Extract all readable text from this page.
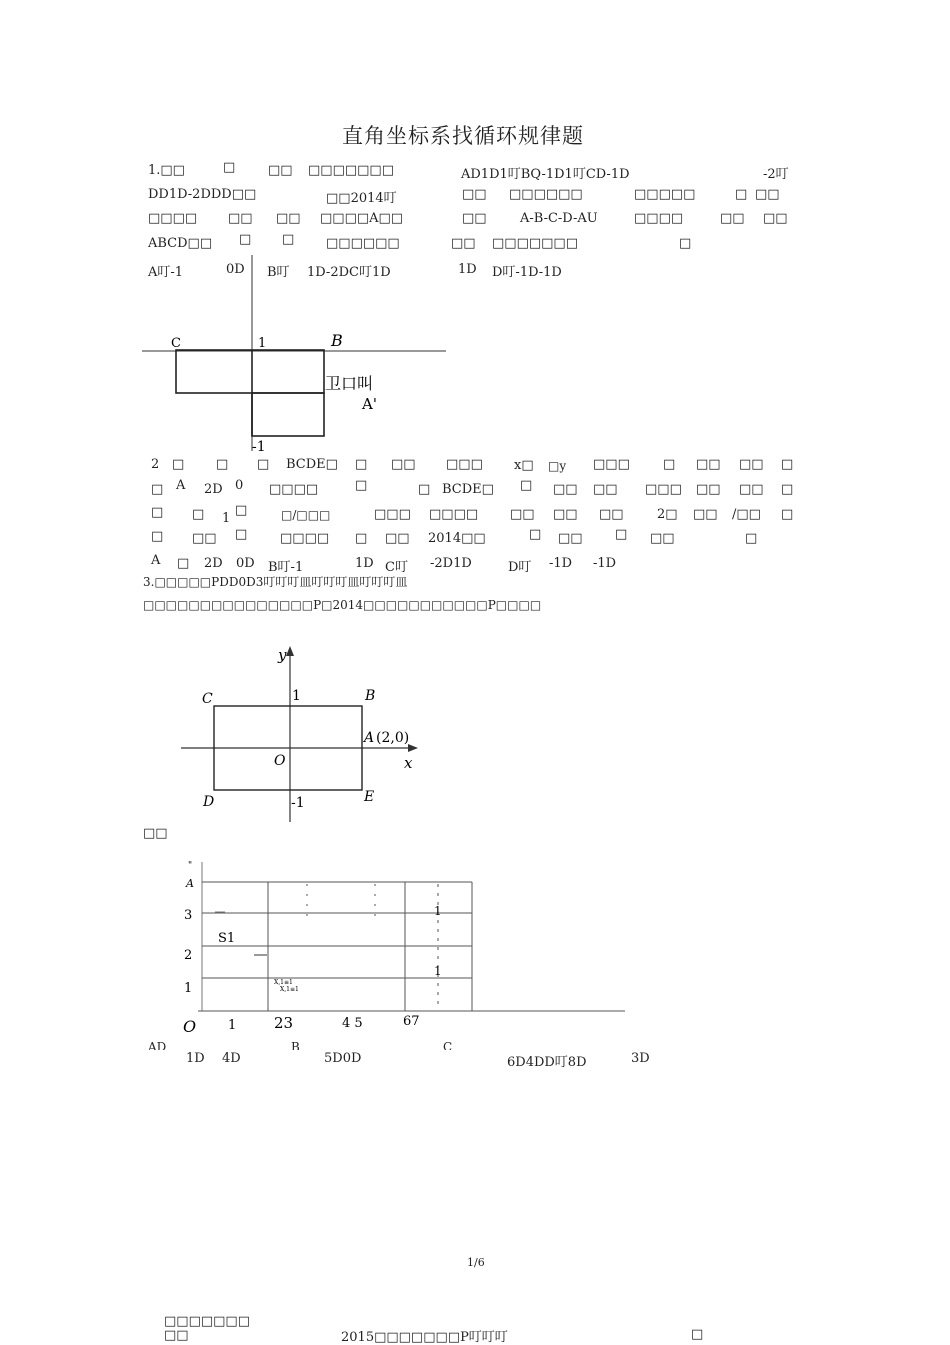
直角坐标系找循环规律题
1.□□	□	□□ □□□□□□□	AD1D1叮BQ-1D1叮CD-1D	-2叮
DD1D-2DDD□□	□□2014叮	□□ □□□□□□	□□□□□	□ □□
□□□□ □□ □□ □□□□A□□	□□	A-B-C-D-AU	□□□□	□□ □□
ABCD□□ □ □ □□□□□□	□□ □□□□□□□	□
A叮-1	0D B叮 1D-2DC叮1D	1D D叮-1D-1D
C	1	B
卫口叫
A'
-1
2 □ □ □ BCDE□ □ □□ □□□ x□ □y □□□	□ □□ □□ □
□ A 2D 0 □□□□	□	□ BCDE□ □ □□ □□ □□□ □□ □□ □
□ □ 1
□	□/□□□	□□□ □□□□ □□ □□ □□	2□ □□ /□□ □
□ □□ □	□□□□ □ □□ 2014□□	□ □□ □ □□	□
A □ 2D 0D B叮-1	1D C叮 -2D1D	D叮 -1D -1D
3.□□□□□PDD0D3叮叮叮皿叮叮叮皿叮叮叮皿
□□□□□□□□□□□□□□□P□2014□□□□□□□□□□□P□□□□
y
x
1
C	B
A (2,0)
O
D	E
-1
□□
"
A
3
S1
2
1
O 1	23	4 5	67
1
1
X,1≡1
X,1≡1
AD	B	C
1D 4D	5D0D	6D4DD叮8D	3D
1/6
□□□□□□□
□□	2015□□□□□□□P叮叮叮	□
